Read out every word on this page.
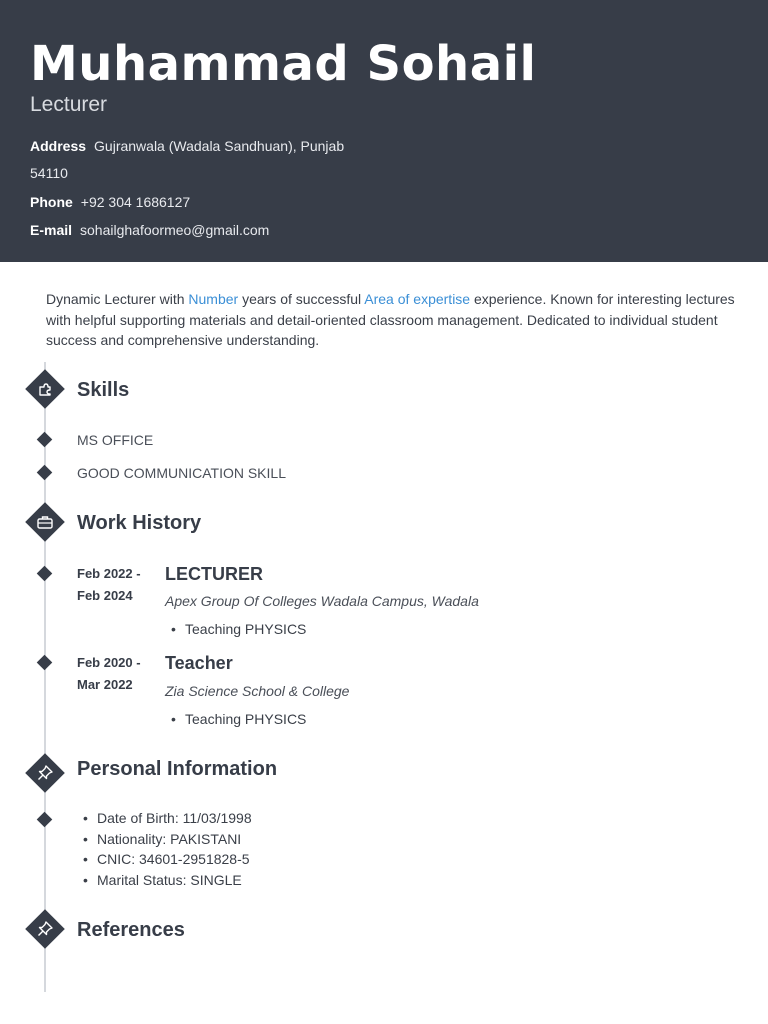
Muhammad Sohail
Lecturer
Address Gujranwala (Wadala Sandhuan), Punjab
54110
Phone +92 304 1686127
E-mail sohailghafoormeo@gmail.com
Dynamic Lecturer with Number years of successful Area of expertise experience. Known for interesting lectures with helpful supporting materials and detail-oriented classroom management. Dedicated to individual student success and comprehensive understanding.
Skills
MS OFFICE
GOOD COMMUNICATION SKILL
Work History
Feb 2022 -
Feb 2024
LECTURER
Apex Group Of Colleges Wadala Campus, Wadala
• Teaching PHYSICS
Feb 2020 -
Mar 2022
Teacher
Zia Science School & College
• Teaching PHYSICS
Personal Information
• Date of Birth: 11/03/1998
• Nationality: PAKISTANI
• CNIC: 34601-2951828-5
• Marital Status: SINGLE
References
